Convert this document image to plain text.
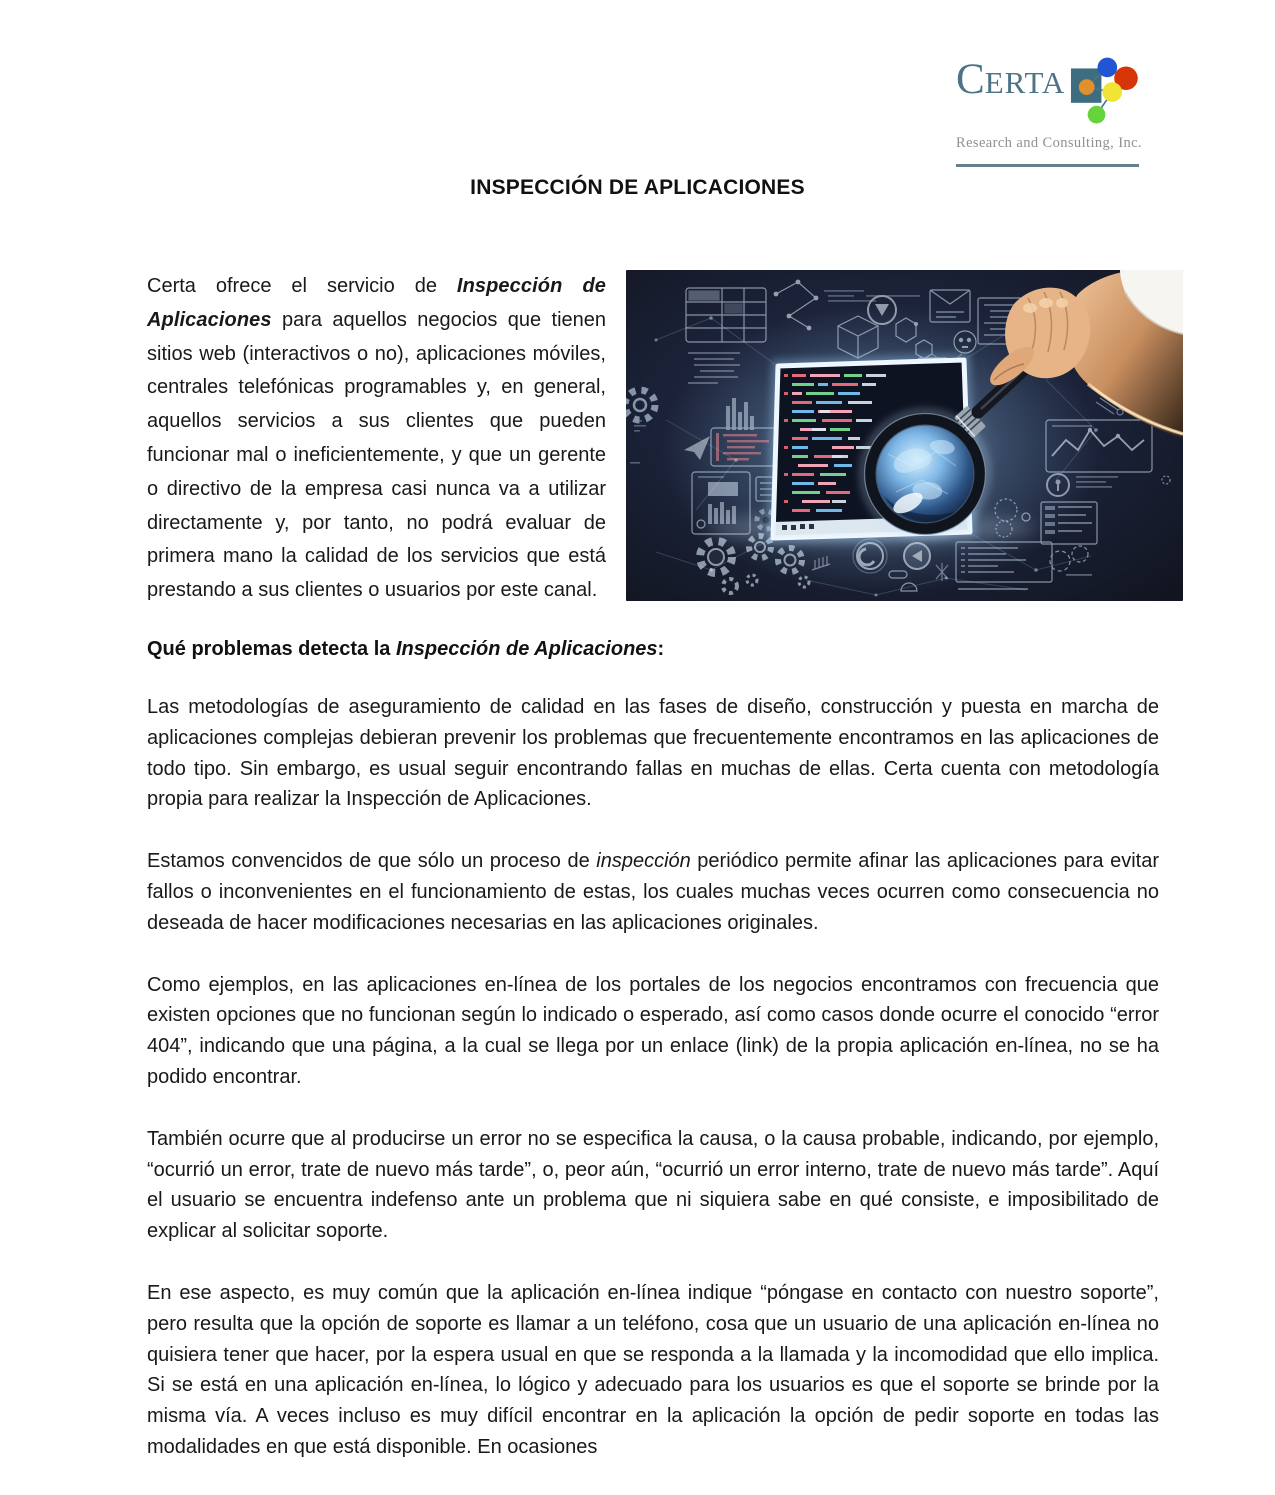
CERTA
Research and Consulting, Inc.
INSPECCIÓN DE APLICACIONES

Certa ofrece el servicio de Inspección de Aplicaciones para aquellos negocios que tienen sitios web (interactivos o no), aplicaciones móviles, centrales telefónicas programables y, en general, aquellos servicios a sus clientes que pueden funcionar mal o ineficientemente, y que un gerente o directivo de la empresa casi nunca va a utilizar directamente y, por tanto, no podrá evaluar de primera mano la calidad de los servicios que está prestando a sus clientes o usuarios por este canal.

Qué problemas detecta la Inspección de Aplicaciones:

Las metodologías de aseguramiento de calidad en las fases de diseño, construcción y puesta en marcha de aplicaciones complejas debieran prevenir los problemas que frecuentemente encontramos en las aplicaciones de todo tipo. Sin embargo, es usual seguir encontrando fallas en muchas de ellas. Certa cuenta con metodología propia para realizar la Inspección de Aplicaciones.

Estamos convencidos de que sólo un proceso de inspección periódico permite afinar las aplicaciones para evitar fallos o inconvenientes en el funcionamiento de estas, los cuales muchas veces ocurren como consecuencia no deseada de hacer modificaciones necesarias en las aplicaciones originales.

Como ejemplos, en las aplicaciones en-línea de los portales de los negocios encontramos con frecuencia que existen opciones que no funcionan según lo indicado o esperado, así como casos donde ocurre el conocido “error 404”, indicando que una página, a la cual se llega por un enlace (link) de la propia aplicación en-línea, no se ha podido encontrar.

También ocurre que al producirse un error no se especifica la causa, o la causa probable, indicando, por ejemplo, “ocurrió un error, trate de nuevo más tarde”, o, peor aún, “ocurrió un error interno, trate de nuevo más tarde”. Aquí el usuario se encuentra indefenso ante un problema que ni siquiera sabe en qué consiste, e imposibilitado de explicar al solicitar soporte.

En ese aspecto, es muy común que la aplicación en-línea indique “póngase en contacto con nuestro soporte”, pero resulta que la opción de soporte es llamar a un teléfono, cosa que un usuario de una aplicación en-línea no quisiera tener que hacer, por la espera usual en que se responda a la llamada y la incomodidad que ello implica. Si se está en una aplicación en-línea, lo lógico y adecuado para los usuarios es que el soporte se brinde por la misma vía. A veces incluso es muy difícil encontrar en la aplicación la opción de pedir soporte en todas las modalidades en que está disponible. En ocasiones
